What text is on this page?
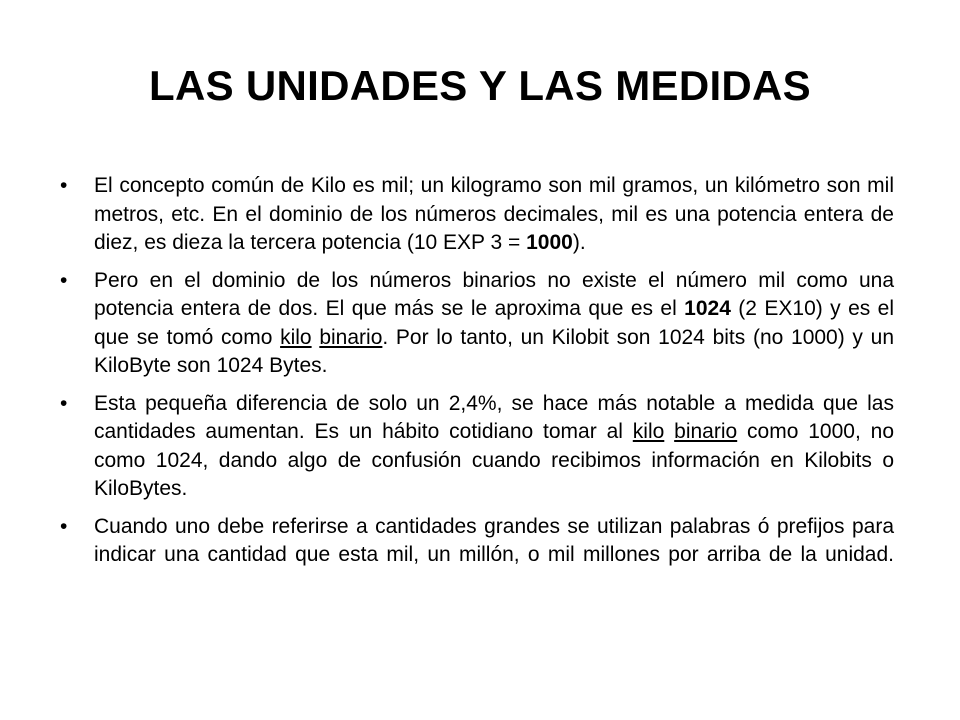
LAS UNIDADES Y LAS MEDIDAS
• El concepto común de Kilo es mil; un kilogramo son mil gramos, un kilómetro son mil metros, etc. En el dominio de los números decimales, mil es una potencia entera de diez, es dieza la tercera potencia (10 EXP 3 = 1000).
• Pero en el dominio de los números binarios no existe el número mil como una potencia entera de dos. El que más se le aproxima que es el 1024 (2 EX10) y es el que se tomó como kilo binario. Por lo tanto, un Kilobit son 1024 bits (no 1000) y un KiloByte son 1024 Bytes.
• Esta pequeña diferencia de solo un 2,4%, se hace más notable a medida que las cantidades aumentan. Es un hábito cotidiano tomar al kilo binario como 1000, no como 1024, dando algo de confusión cuando recibimos información en Kilobits o KiloBytes.
• Cuando uno debe referirse a cantidades grandes se utilizan palabras ó prefijos para indicar una cantidad que esta mil, un millón, o mil millones por arriba de la unidad.
